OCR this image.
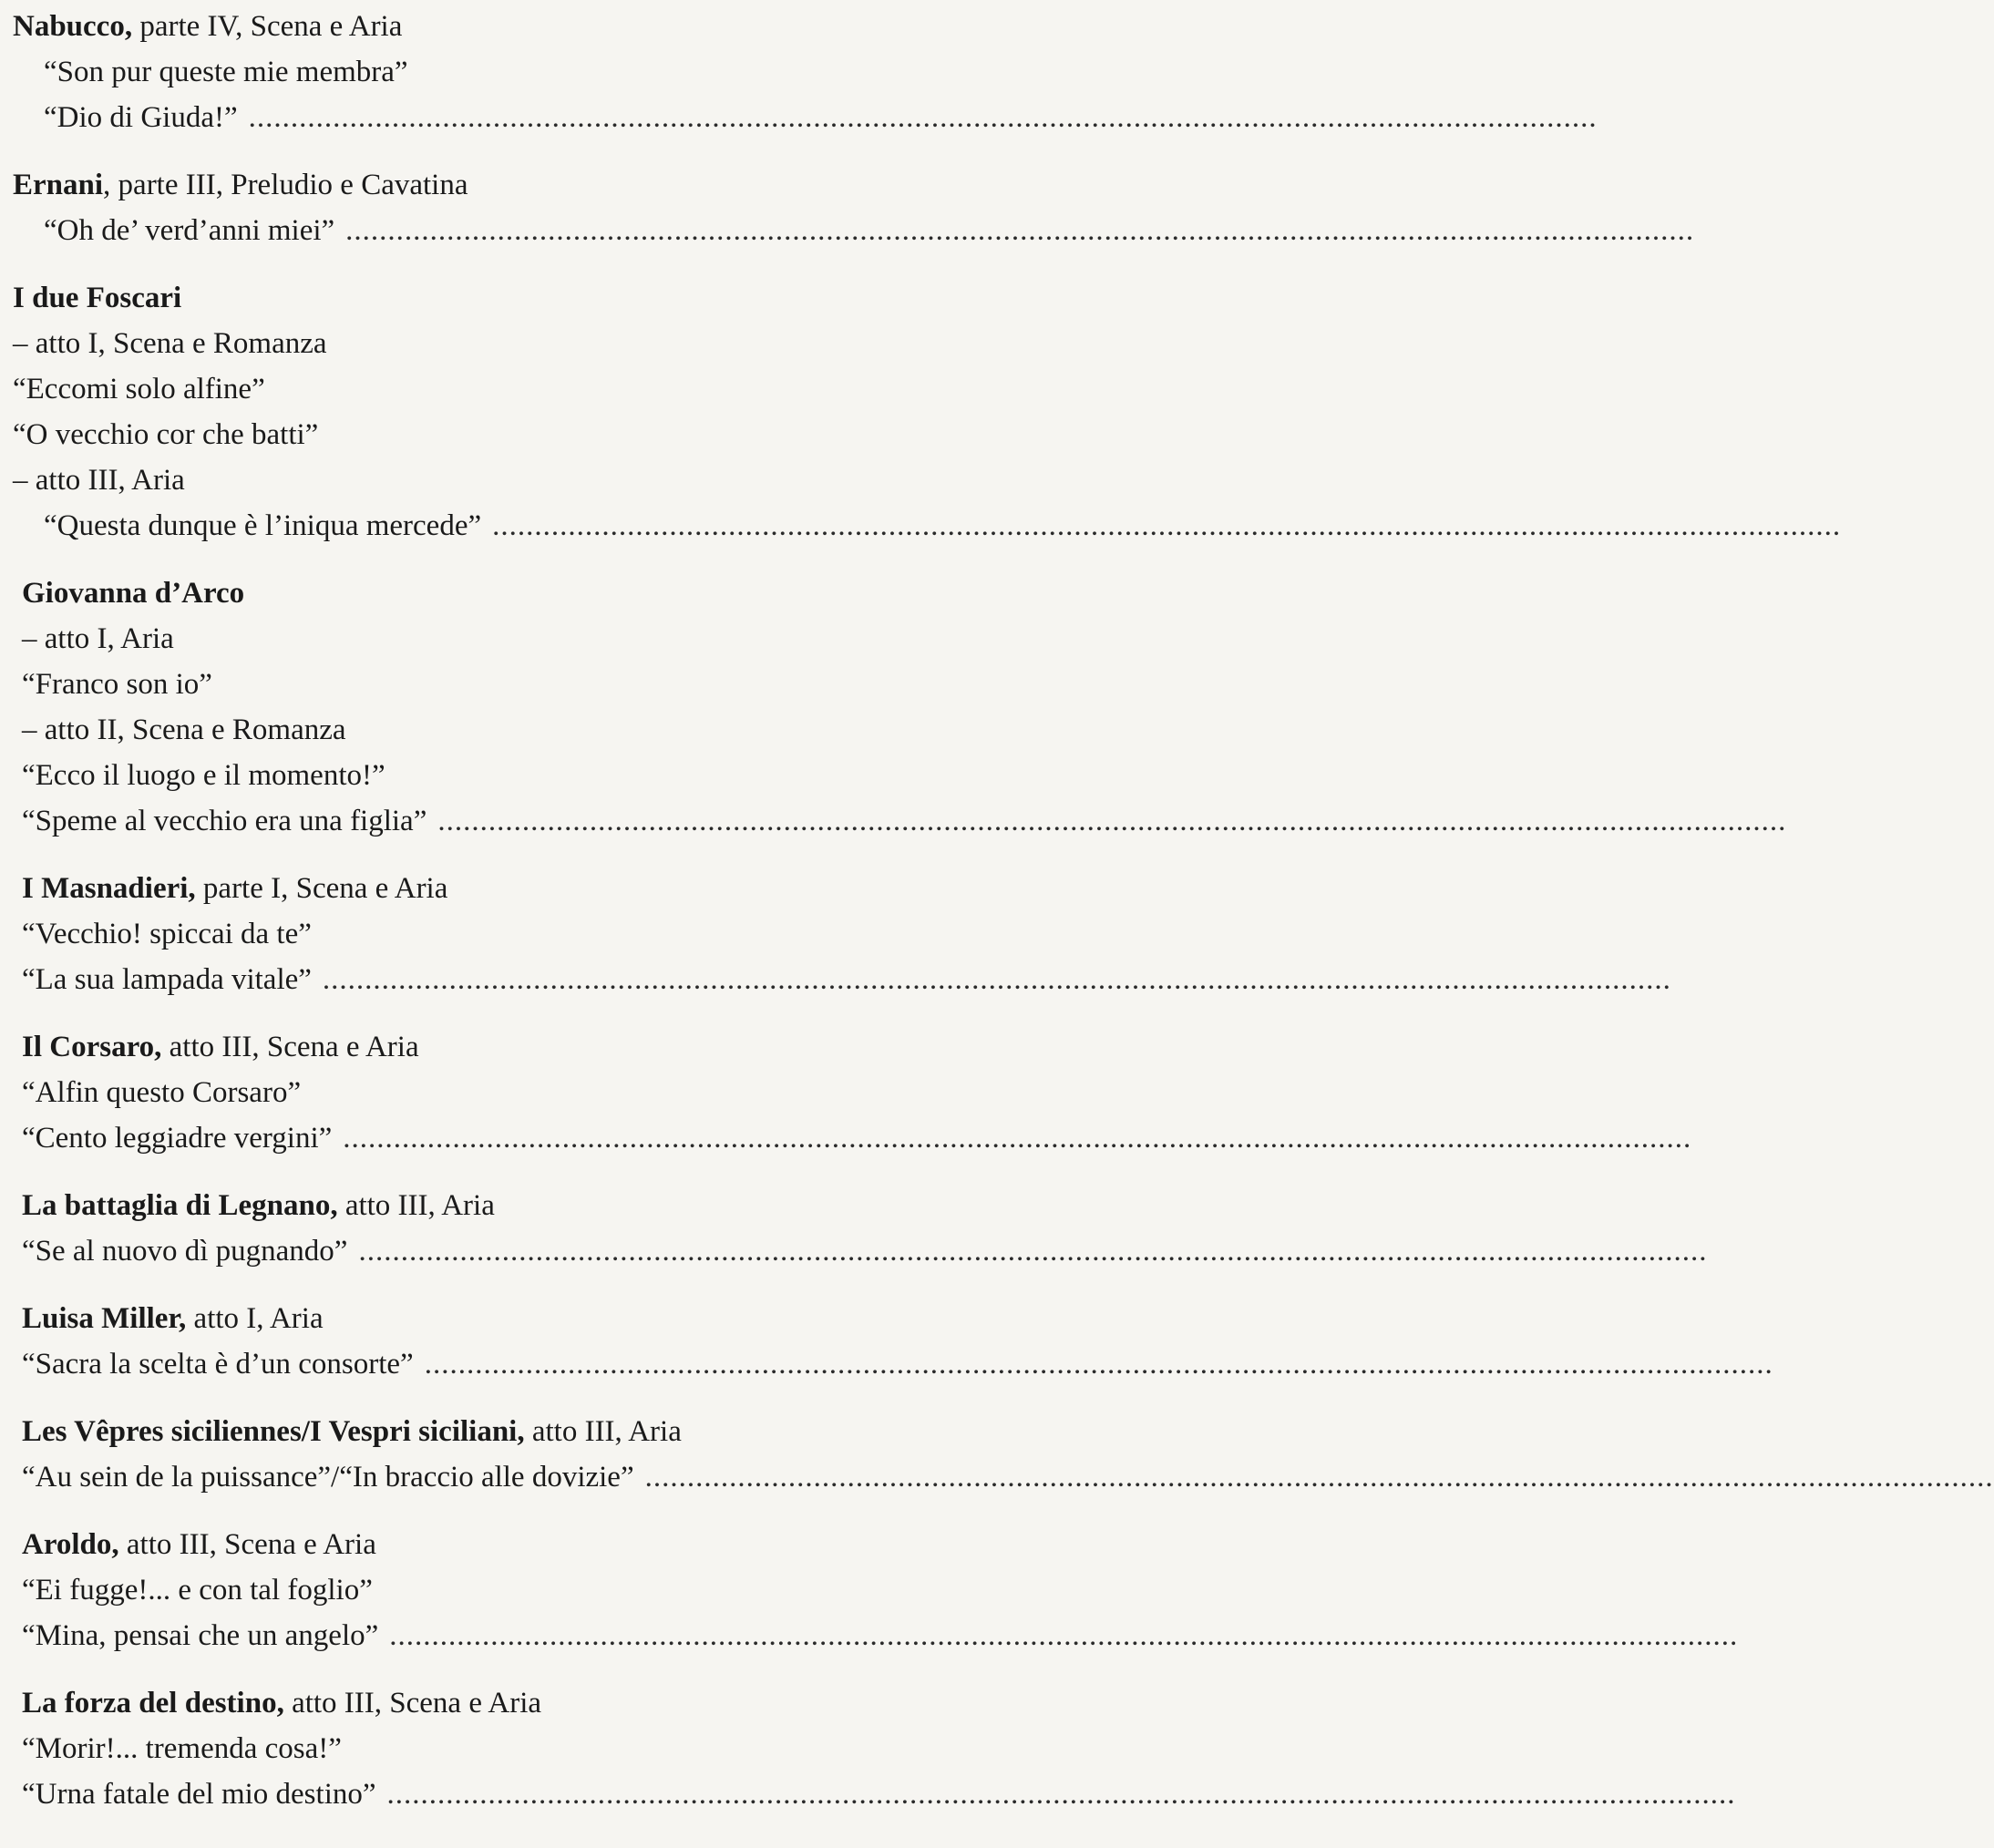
Nabucco, parte IV, Scena e Aria
“Son pur queste mie membra”
“Dio di Giuda!” ................................................................................................................................................................
Ernani, parte III, Preludio e Cavatina
“Oh de’ verd’anni miei” ................................................................................................................................................................
I due Foscari
– atto I, Scena e Romanza
“Eccomi solo alfine”
“O vecchio cor che batti”
– atto III, Aria
“Questa dunque è l’iniqua mercede” ................................................................................................................................................................
Giovanna d’Arco
– atto I, Aria
“Franco son io”
– atto II, Scena e Romanza
“Ecco il luogo e il momento!”
“Speme al vecchio era una figlia” ................................................................................................................................................................
I Masnadieri, parte I, Scena e Aria
“Vecchio! spiccai da te”
“La sua lampada vitale” ................................................................................................................................................................
Il Corsaro, atto III, Scena e Aria
“Alfin questo Corsaro”
“Cento leggiadre vergini” ................................................................................................................................................................
La battaglia di Legnano, atto III, Aria
“Se al nuovo dì pugnando” ................................................................................................................................................................
Luisa Miller, atto I, Aria
“Sacra la scelta è d’un consorte” ................................................................................................................................................................
Les Vêpres siciliennes/I Vespri siciliani, atto III, Aria
“Au sein de la puissance”/“In braccio alle dovizie” ................................................................................................................................................................
Aroldo, atto III, Scena e Aria
“Ei fugge!... e con tal foglio”
“Mina, pensai che un angelo” ................................................................................................................................................................
La forza del destino, atto III, Scena e Aria
“Morir!... tremenda cosa!”
“Urna fatale del mio destino” ................................................................................................................................................................
